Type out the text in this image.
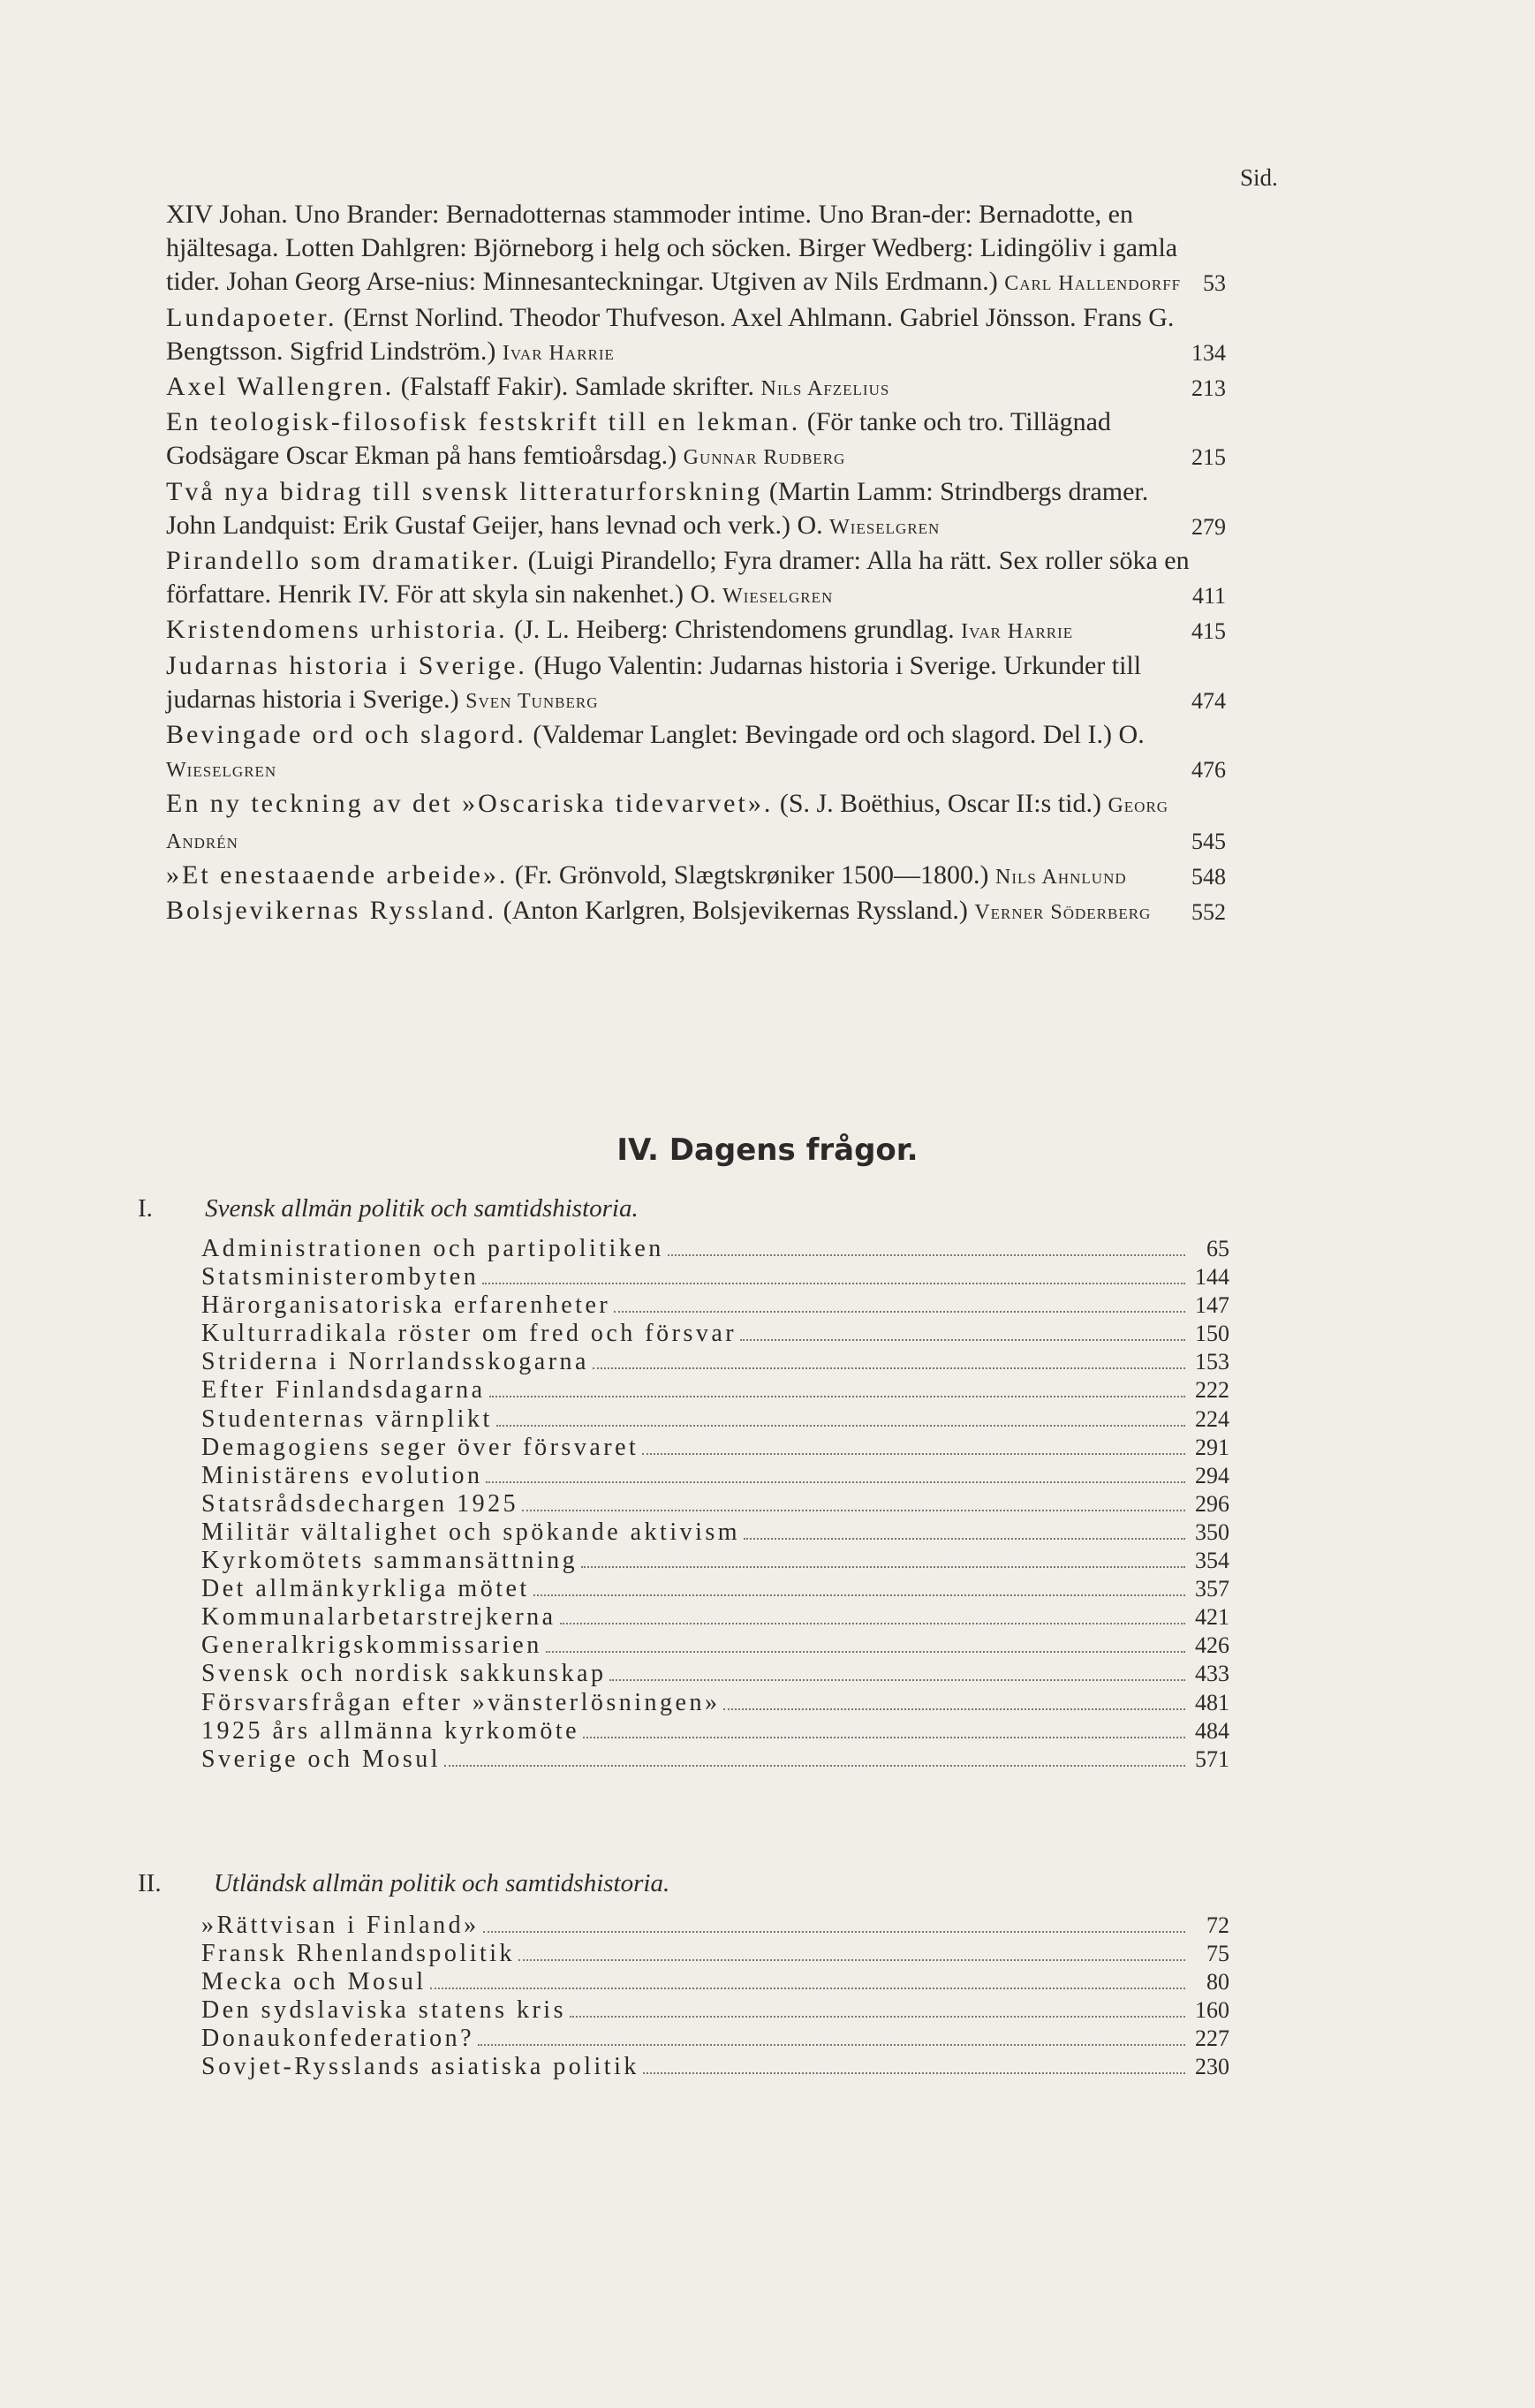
Sid.
XIV Johan. Uno Brander: Bernadotternas stammoder intime. Uno Bran-der: Bernadotte, en hjältesaga. Lotten Dahlgren: Björneborg i helg och söcken. Birger Wedberg: Lidingöliv i gamla tider. Johan Georg Arse-nius: Minnesanteckningar. Utgiven av Nils Erdmann.) Carl Hallendorff 53
Lundapoeter. (Ernst Norlind. Theodor Thufveson. Axel Ahlmann. Gabriel Jönsson. Frans G. Bengtsson. Sigfrid Lindström.) Ivar Harrie	134
Axel Wallengren. (Falstaff Fakir). Samlade skrifter. Nils Afzelius	213
En teologisk-filosofisk festskrift till en lekman. (För tanke och tro. Tillägnad Godsägare Oscar Ekman på hans femtioårsdag.) Gunnar Rudberg	215
Två nya bidrag till svensk litteraturforskning (Martin Lamm: Strindbergs dramer. John Landquist: Erik Gustaf Geijer, hans levnad och verk.) O. Wieselgren	279
Pirandello som dramatiker. (Luigi Pirandello; Fyra dramer: Alla ha rätt. Sex roller söka en författare. Henrik IV. För att skyla sin nakenhet.) O. Wieselgren	411
Kristendomens urhistoria. (J. L. Heiberg: Christendomens grundlag. Ivar Harrie	415
Judarnas historia i Sverige. (Hugo Valentin: Judarnas historia i Sverige. Urkunder till judarnas historia i Sverige.) Sven Tunberg	474
Bevingade ord och slagord. (Valdemar Langlet: Bevingade ord och slagord. Del I.) O. Wieselgren	476
En ny teckning av det »Oscariska tidevarvet». (S. J. Boëthius, Oscar II:s tid.) Georg Andrén	545
»Et enestaaende arbeide». (Fr. Grönvold, Slægtskrøniker 1500—1800.) Nils Ahnlund	548
Bolsjevikernas Ryssland. (Anton Karlgren, Bolsjevikernas Ryssland.) Verner Söderberg 552
IV. Dagens frågor.
I. Svensk allmän politik och samtidshistoria.
Administrationen och partipolitiken	65
Statsministerombyten	144
Härorganisatoriska erfarenheter	147
Kulturradikala röster om fred och försvar	150
Striderna i Norrlandsskogarna	153
Efter Finlandsdagarna	222
Studenternas värnplikt	224
Demagogiens seger över försvaret	291
Ministärens evolution	294
Statsrådsdechargen 1925	296
Militär vältalighet och spökande aktivism	350
Kyrkomötets sammansättning	354
Det allmänkyrkliga mötet	357
Kommunalarbetarstrejkerna	421
Generalkrigskommissarien	426
Svensk och nordisk sakkunskap	433
Försvarsfrågan efter »vänsterlösningen»	481
1925 års allmänna kyrkomöte	484
Sverige och Mosul	571
II. Utländsk allmän politik och samtidshistoria.
»Rättvisan i Finland»	72
Fransk Rhenlandspolitik	75
Mecka och Mosul	80
Den sydslaviska statens kris	160
Donaukonfederation?	227
Sovjet-Rysslands asiatiska politik	230
